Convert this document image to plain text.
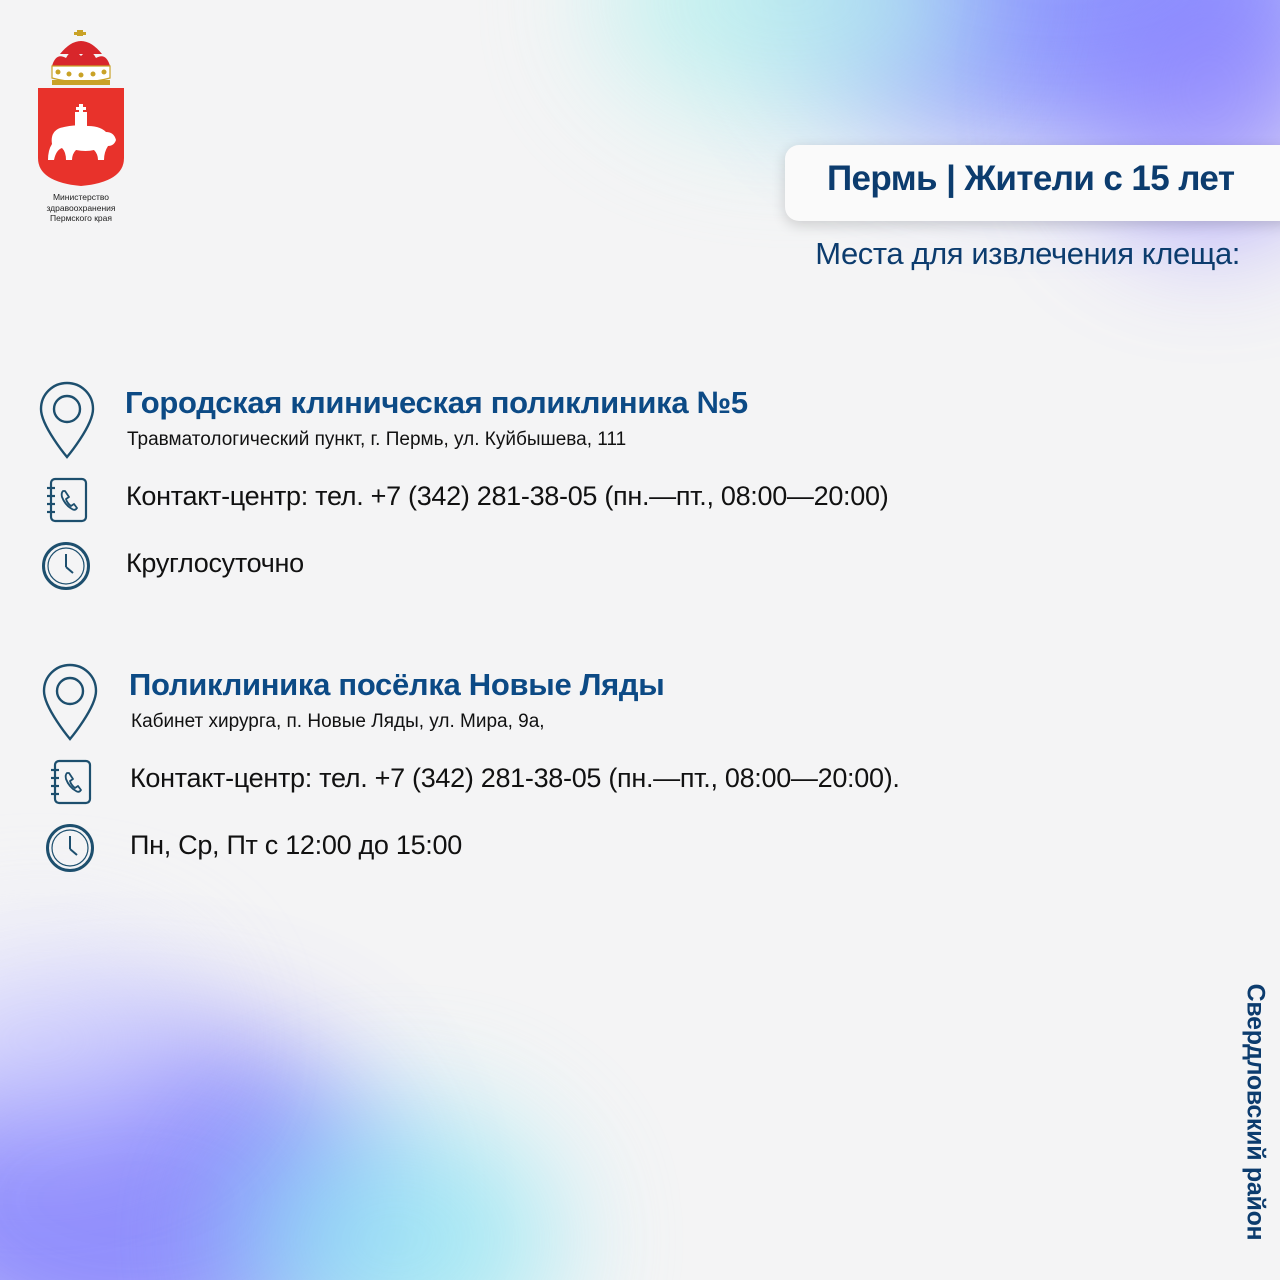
Министерство
здравоохранения
Пермского края
Пермь | Жители с 15 лет
Места для извлечения клеща:
Городская клиническая поликлиника №5
Травматологический пункт, г. Пермь, ул. Куйбышева, 111
Контакт-центр: тел. +7 (342) 281-38-05 (пн.—пт., 08:00—20:00)
Круглосуточно
Поликлиника посёлка Новые Ляды
Кабинет хирурга, п. Новые Ляды, ул. Мира, 9а,
Контакт-центр: тел. +7 (342) 281-38-05 (пн.—пт., 08:00—20:00).
Пн, Ср, Пт с 12:00 до 15:00
Свердловский район
